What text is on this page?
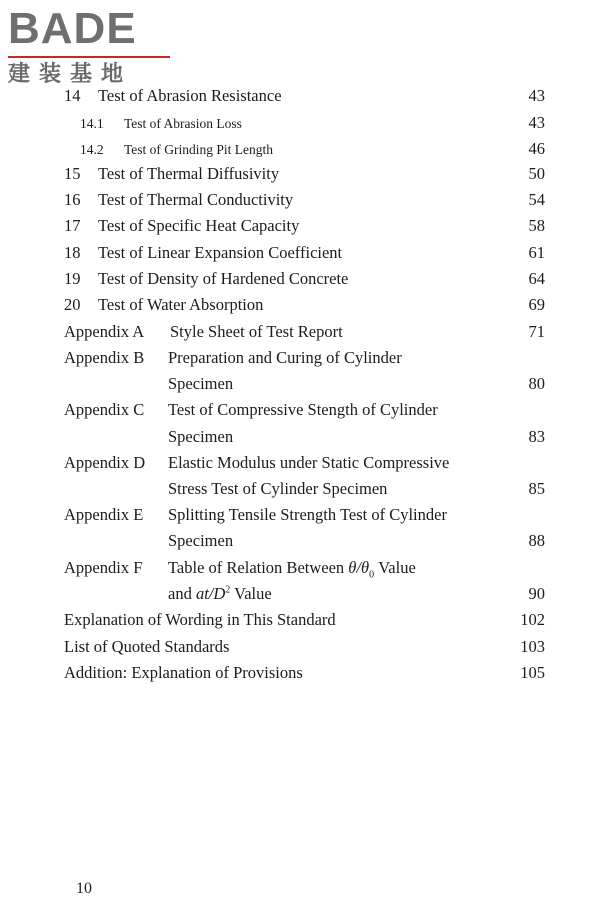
BADE
建装基地
14	Test of Abrasion Resistance ·····	43
14.1	Test of Abrasion Loss ·····	43
14.2	Test of Grinding Pit Length ·····	46
15	Test of Thermal Diffusivity ·····	50
16	Test of Thermal Conductivity ·····	54
17	Test of Specific Heat Capacity ·····	58
18	Test of Linear Expansion Coefficient ·····	61
19	Test of Density of Hardened Concrete ·····	64
20	Test of Water Absorption ·····	69
Appendix A	Style Sheet of Test Report ·····	71
Appendix B Preparation and Curing of Cylinder
Specimen ·····	80
Appendix C Test of Compressive Stength of Cylinder
Specimen ·····	83
Appendix D Elastic Modulus under Static Compressive
Stress Test of Cylinder Specimen ·····	85
Appendix E Splitting Tensile Strength Test of Cylinder
Specimen ·····	88
Appendix F Table of Relation Between $\theta/\theta_0$ Value
and $at/D^2$ Value ·····	90
Explanation of Wording in This Standard ·····	102
List of Quoted Standards ·····	103
Addition: Explanation of Provisions ·····	105
10
